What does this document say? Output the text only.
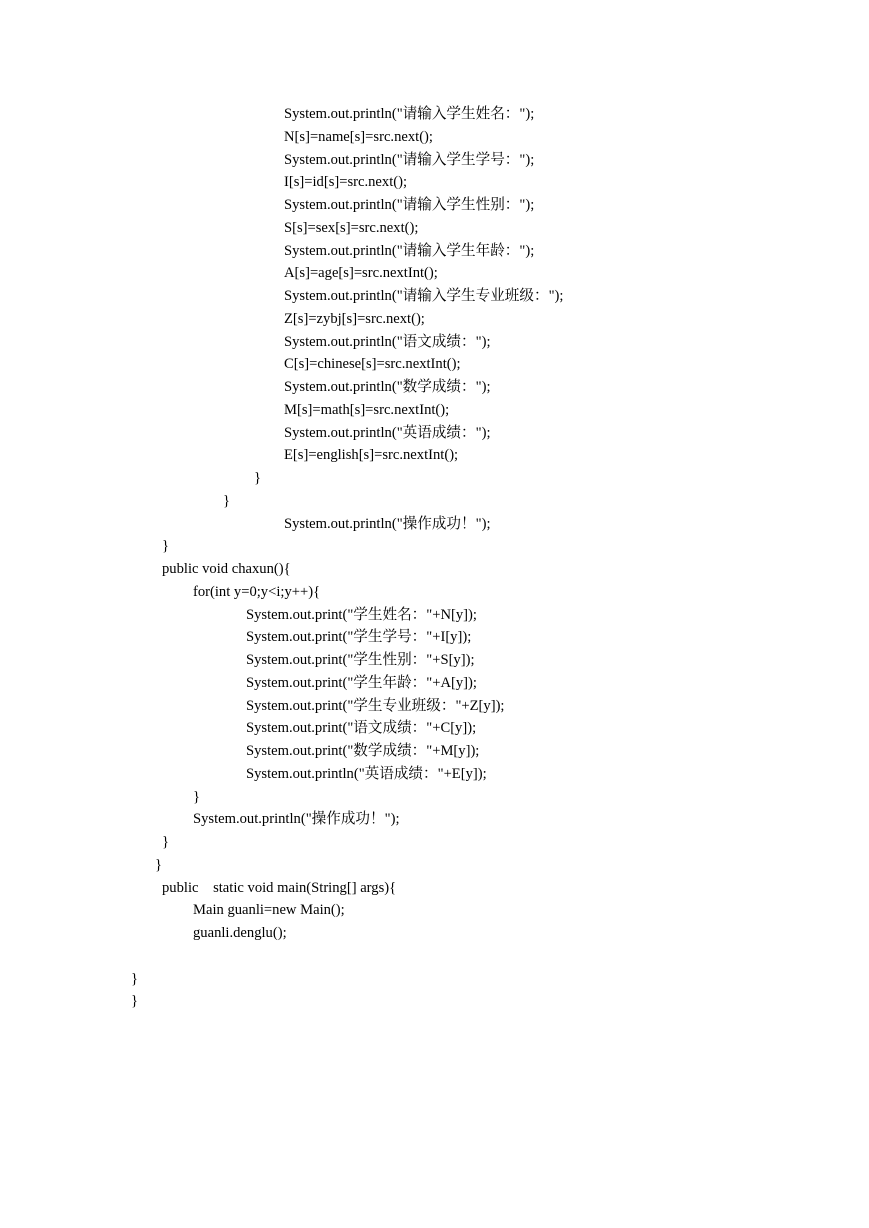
System.out.println("请输入学生姓名：");
N[s]=name[s]=src.next();
System.out.println("请输入学生学号：");
I[s]=id[s]=src.next();
System.out.println("请输入学生性别：");
S[s]=sex[s]=src.next();
System.out.println("请输入学生年龄：");
A[s]=age[s]=src.nextInt();
System.out.println("请输入学生专业班级：");
Z[s]=zybj[s]=src.next();
System.out.println("语文成绩：");
C[s]=chinese[s]=src.nextInt();
System.out.println("数学成绩：");
M[s]=math[s]=src.nextInt();
System.out.println("英语成绩：");
E[s]=english[s]=src.nextInt();
}
}
System.out.println("操作成功！");
}
public void chaxun(){
for(int y=0;y<i;y++){
System.out.print("学生姓名："+N[y]);
System.out.print("学生学号："+I[y]);
System.out.print("学生性别："+S[y]);
System.out.print("学生年龄："+A[y]);
System.out.print("学生专业班级："+Z[y]);
System.out.print("语文成绩："+C[y]);
System.out.print("数学成绩："+M[y]);
System.out.println("英语成绩："+E[y]);
}
System.out.println("操作成功！");
}
}
public    static void main(String[] args){
Main guanli=new Main();
guanli.denglu();
}
}
